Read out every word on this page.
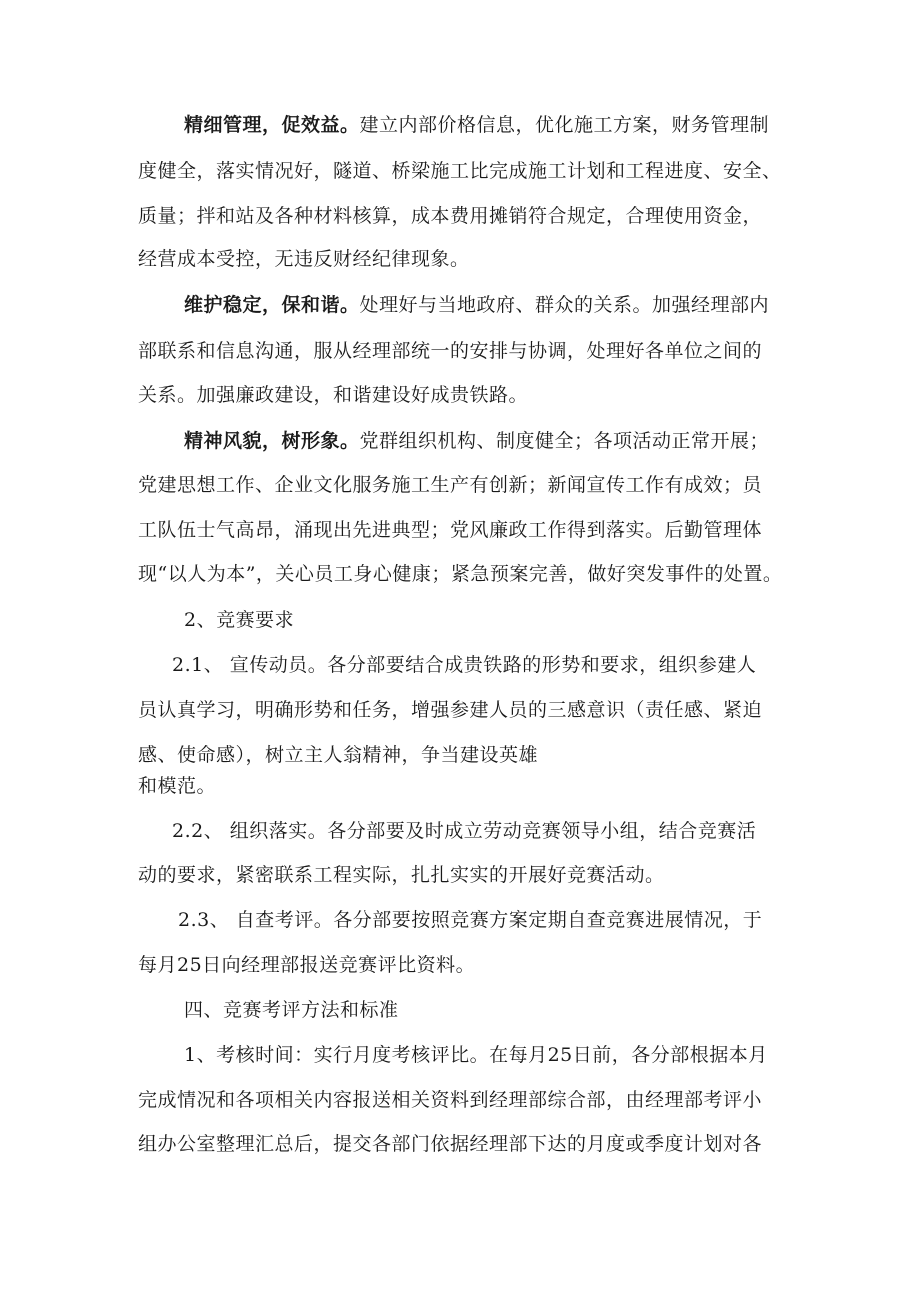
精细管理，促效益。建立内部价格信息，优化施工方案，财务管理制
度健全，落实情况好，隧道、桥梁施工比完成施工计划和工程进度、安全、
质量；拌和站及各种材料核算，成本费用摊销符合规定，合理使用资金，
经营成本受控，无违反财经纪律现象。
维护稳定，保和谐。处理好与当地政府、群众的关系。加强经理部内
部联系和信息沟通，服从经理部统一的安排与协调，处理好各单位之间的
关系。加强廉政建设，和谐建设好成贵铁路。
精神风貌，树形象。党群组织机构、制度健全；各项活动正常开展；
党建思想工作、企业文化服务施工生产有创新；新闻宣传工作有成效；员
工队伍士气高昂，涌现出先进典型；党风廉政工作得到落实。后勤管理体
现“以人为本”，关心员工身心健康；紧急预案完善，做好突发事件的处置。
2、竞赛要求
2.1、 宣传动员。各分部要结合成贵铁路的形势和要求，组织参建人
员认真学习，明确形势和任务，增强参建人员的三感意识（责任感、紧迫
感、使命感），树立主人翁精神，争当建设英雄
和模范。
2.2、 组织落实。各分部要及时成立劳动竞赛领导小组，结合竞赛活
动的要求，紧密联系工程实际，扎扎实实的开展好竞赛活动。
2.3、 自查考评。各分部要按照竞赛方案定期自查竞赛进展情况，于
每月25日向经理部报送竞赛评比资料。
四、竞赛考评方法和标准
1、考核时间：实行月度考核评比。在每月25日前，各分部根据本月
完成情况和各项相关内容报送相关资料到经理部综合部，由经理部考评小
组办公室整理汇总后，提交各部门依据经理部下达的月度或季度计划对各
